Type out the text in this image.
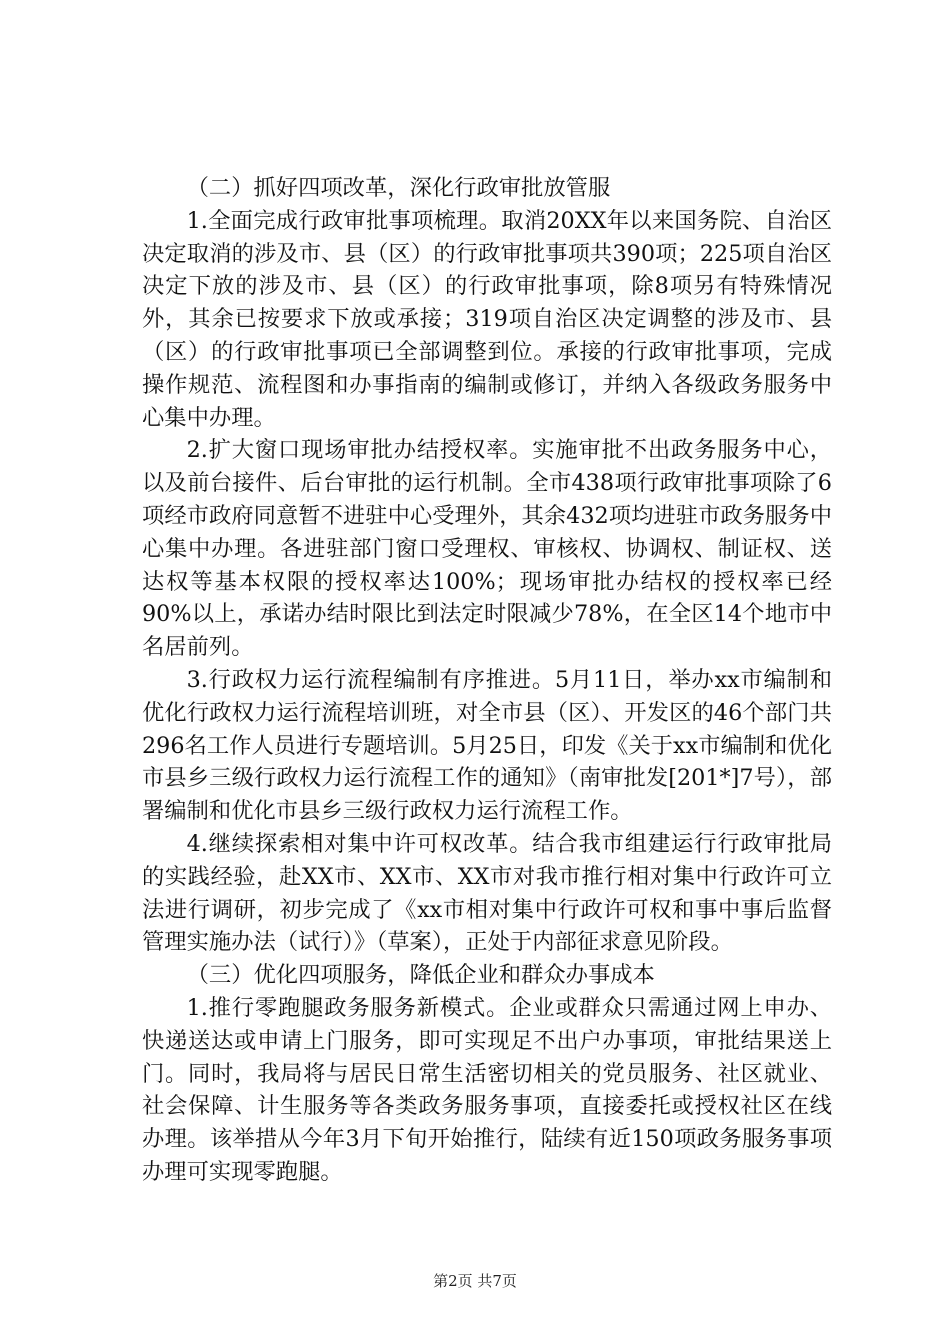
（二）抓好四项改革，深化行政审批放管服

1.全面完成行政审批事项梳理。取消20XX年以来国务院、自治区决定取消的涉及市、县（区）的行政审批事项共390项；225项自治区决定下放的涉及市、县（区）的行政审批事项，除8项另有特殊情况外，其余已按要求下放或承接；319项自治区决定调整的涉及市、县（区）的行政审批事项已全部调整到位。承接的行政审批事项，完成操作规范、流程图和办事指南的编制或修订，并纳入各级政务服务中心集中办理。

2.扩大窗口现场审批办结授权率。实施审批不出政务服务中心，以及前台接件、后台审批的运行机制。全市438项行政审批事项除了6项经市政府同意暂不进驻中心受理外，其余432项均进驻市政务服务中心集中办理。各进驻部门窗口受理权、审核权、协调权、制证权、送达权等基本权限的授权率达100%；现场审批办结权的授权率已经90%以上，承诺办结时限比到法定时限减少78%，在全区14个地市中名居前列。

3.行政权力运行流程编制有序推进。5月11日，举办xx市编制和优化行政权力运行流程培训班，对全市县（区）、开发区的46个部门共296名工作人员进行专题培训。5月25日，印发《关于xx市编制和优化市县乡三级行政权力运行流程工作的通知》（南审批发[201*]7号），部署编制和优化市县乡三级行政权力运行流程工作。

4.继续探索相对集中许可权改革。结合我市组建运行行政审批局的实践经验，赴XX市、XX市、XX市对我市推行相对集中行政许可立法进行调研，初步完成了《xx市相对集中行政许可权和事中事后监督管理实施办法（试行）》（草案），正处于内部征求意见阶段。

（三）优化四项服务，降低企业和群众办事成本

1.推行零跑腿政务服务新模式。企业或群众只需通过网上申办、快递送达或申请上门服务，即可实现足不出户办事项，审批结果送上门。同时，我局将与居民日常生活密切相关的党员服务、社区就业、社会保障、计生服务等各类政务服务事项，直接委托或授权社区在线办理。该举措从今年3月下旬开始推行，陆续有近150项政务服务事项办理可实现零跑腿。

第2页 共7页
